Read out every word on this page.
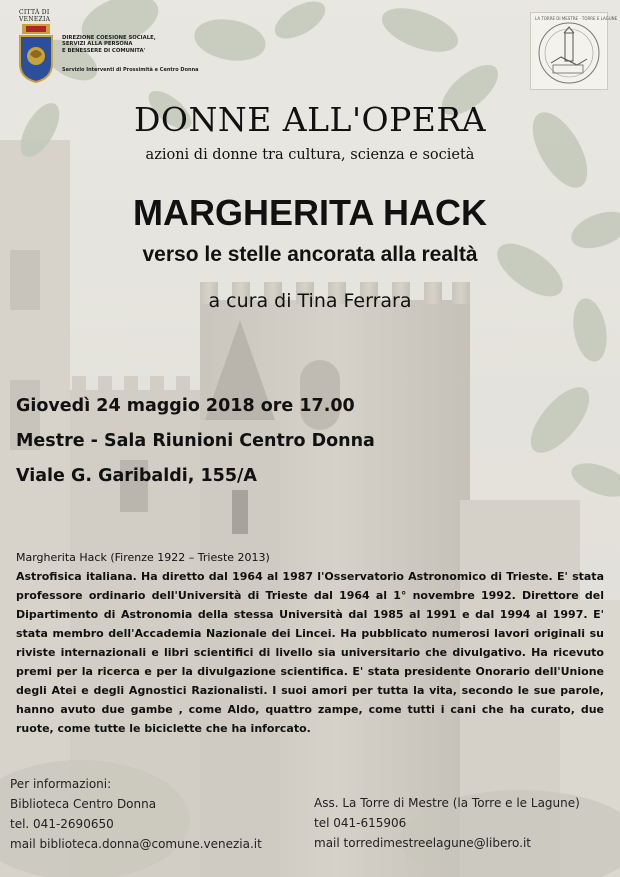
CITTÀ DI
VENEZIA
DIREZIONE COESIONE SOCIALE,
SERVIZI ALLA PERSONA
E BENESSERE DI COMUNITA'
Servizio Interventi di Prossimità e Centro Donna
LA TORRE DI MESTRE · TORRE E LAGUNE
DONNE ALL'OPERA
azioni di donne tra cultura, scienza e società
MARGHERITA HACK
verso le stelle ancorata alla realtà
a cura di Tina Ferrara
Giovedì 24 maggio 2018 ore 17.00
Mestre - Sala Riunioni Centro Donna
Viale G. Garibaldi, 155/A
Margherita Hack (Firenze 1922 – Trieste 2013)
Astrofisica italiana. Ha diretto dal 1964 al 1987 l'Osservatorio Astronomico di Trieste. E' stata professore ordinario dell'Università di Trieste dal 1964 al 1° novembre 1992. Direttore del Dipartimento di Astronomia della stessa Università dal 1985 al 1991 e dal 1994 al 1997. E' stata membro dell'Accademia Nazionale dei Lincei. Ha pubblicato numerosi lavori originali su riviste internazionali e libri scientifici di livello sia universitario che divulgativo. Ha ricevuto premi per la ricerca e per la divulgazione scientifica. E' stata presidente Onorario dell'Unione degli Atei e degli Agnostici Razionalisti. I suoi amori per tutta la vita, secondo le sue parole, hanno avuto due gambe , come Aldo, quattro zampe, come tutti i cani che ha curato, due ruote, come tutte le biciclette che ha inforcato.
Per informazioni:
Biblioteca Centro Donna
tel. 041-2690650
mail biblioteca.donna@comune.venezia.it
Ass. La Torre di Mestre (la Torre e le Lagune)
tel 041-615906
mail torredimestreelagune@libero.it
